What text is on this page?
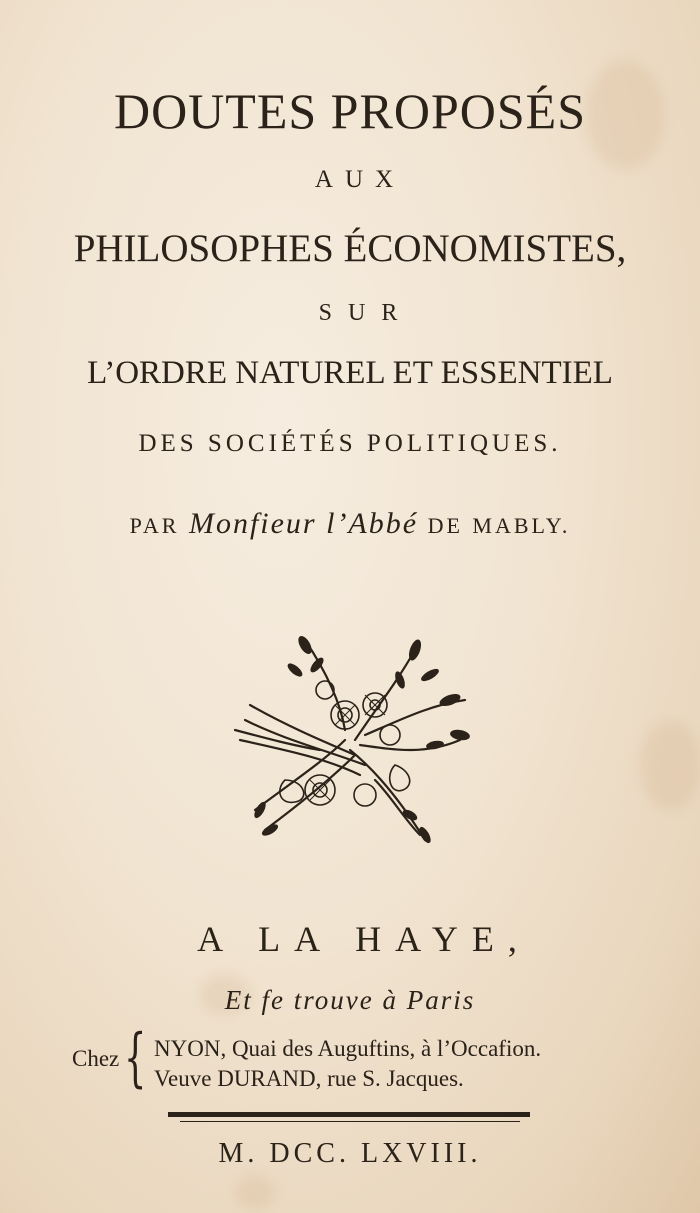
DOUTES PROPOSÉS
AUX
PHILOSOPHES ÉCONOMISTES,
SUR
L’ORDRE NATUREL ET ESSENTIEL
DES SOCIÉTÉS POLITIQUES.
PAR Monfieur l’Abbé DE MABLY.
A LA HAYE,
Et fe trouve à Paris
Chez { NYON, Quai des Auguftins, à l’Occafion.
Veuve DURAND, rue S. Jacques.
M. DCC. LXVIII.
